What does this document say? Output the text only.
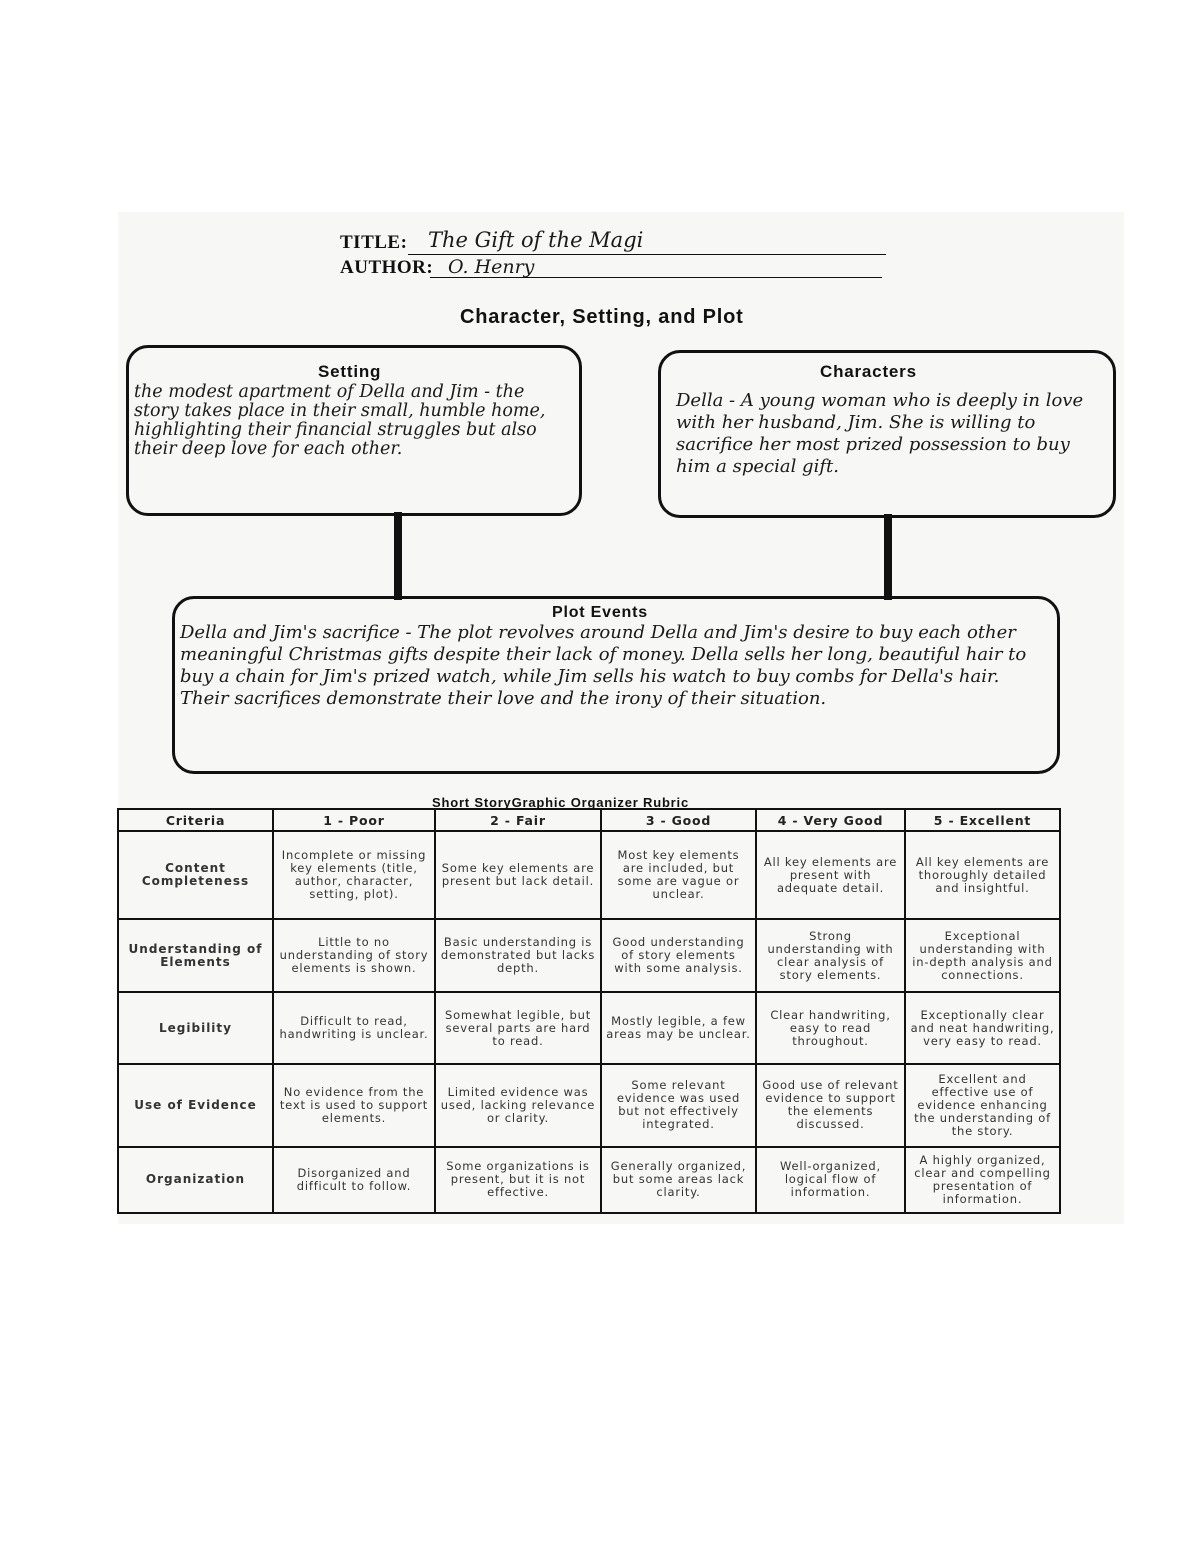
TITLE: The Gift of the Magi
AUTHOR: O. Henry
Character, Setting, and Plot
Setting
the modest apartment of Della and Jim - the story takes place in their small, humble home, highlighting their financial struggles but also their deep love for each other.
Characters
Della - A young woman who is deeply in love with her husband, Jim. She is willing to sacrifice her most prized possession to buy him a special gift.
Plot Events
Della and Jim's sacrifice - The plot revolves around Della and Jim's desire to buy each other meaningful Christmas gifts despite their lack of money. Della sells her long, beautiful hair to buy a chain for Jim's prized watch, while Jim sells his watch to buy combs for Della's hair. Their sacrifices demonstrate their love and the irony of their situation.
Short StoryGraphic Organizer Rubric
Criteria	1 - Poor	2 - Fair	3 - Good	4 - Very Good	5 - Excellent
Content Completeness	Incomplete or missing key elements (title, author, character, setting, plot).	Some key elements are present but lack detail.	Most key elements are included, but some are vague or unclear.	All key elements are present with adequate detail.	All key elements are thoroughly detailed and insightful.
Understanding of Elements	Little to no understanding of story elements is shown.	Basic understanding is demonstrated but lacks depth.	Good understanding of story elements with some analysis.	Strong understanding with clear analysis of story elements.	Exceptional understanding with in-depth analysis and connections.
Legibility	Difficult to read, handwriting is unclear.	Somewhat legible, but several parts are hard to read.	Mostly legible, a few areas may be unclear.	Clear handwriting, easy to read throughout.	Exceptionally clear and neat handwriting, very easy to read.
Use of Evidence	No evidence from the text is used to support elements.	Limited evidence was used, lacking relevance or clarity.	Some relevant evidence was used but not effectively integrated.	Good use of relevant evidence to support the elements discussed.	Excellent and effective use of evidence enhancing the understanding of the story.
Organization	Disorganized and difficult to follow.	Some organizations is present, but it is not effective.	Generally organized, but some areas lack clarity.	Well-organized, logical flow of information.	A highly organized, clear and compelling presentation of information.
